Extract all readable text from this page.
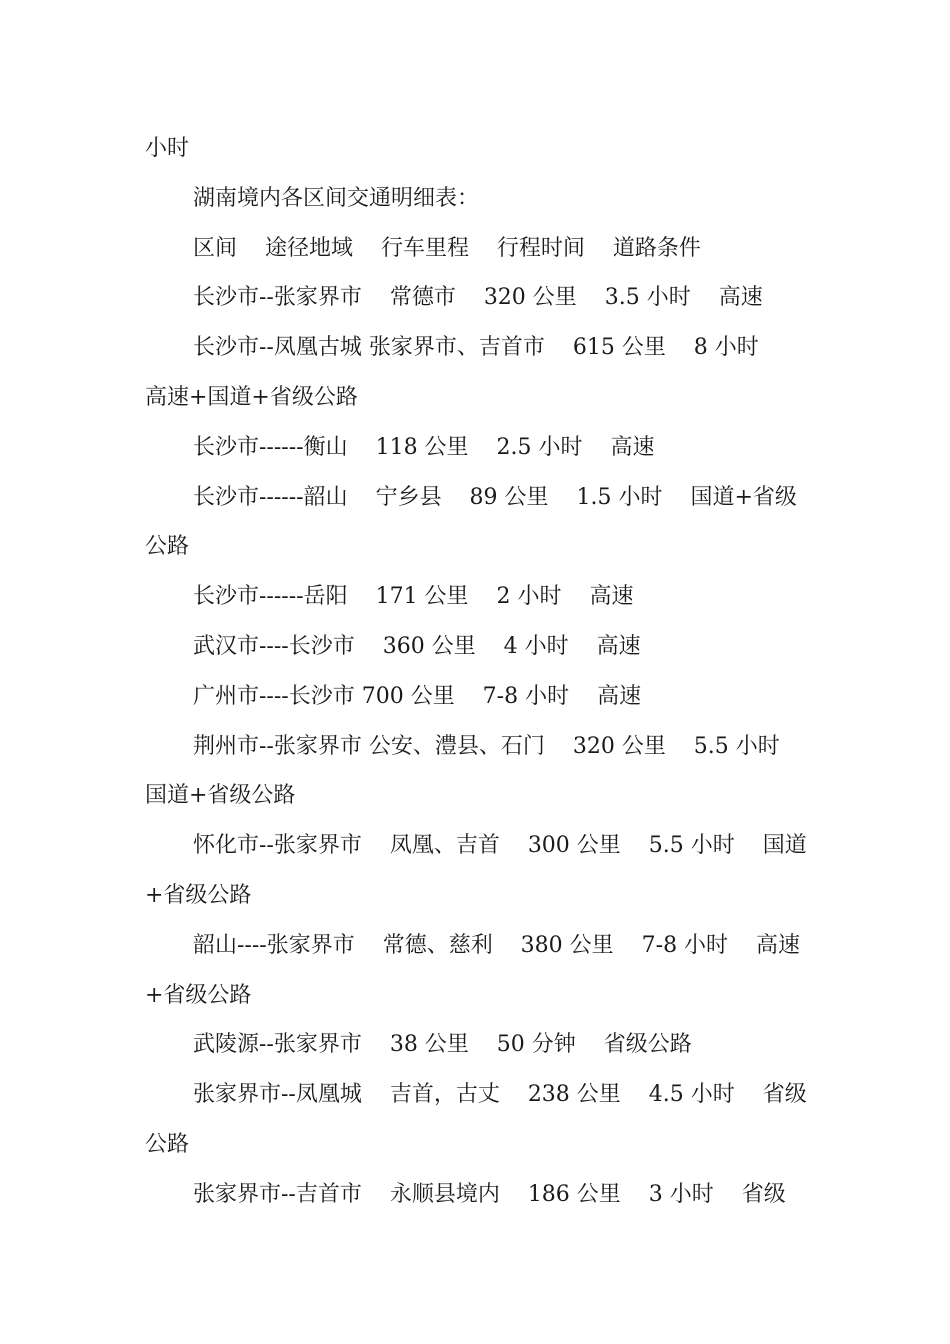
小时
湖南境内各区间交通明细表：
区间    途径地域    行车里程    行程时间    道路条件
长沙市--张家界市    常德市    320 公里    3.5 小时    高速
长沙市--凤凰古城 张家界市、吉首市    615 公里    8 小时
高速+国道+省级公路
长沙市------衡山    118 公里    2.5 小时    高速
长沙市------韶山    宁乡县    89 公里    1.5 小时    国道+省级
公路
长沙市------岳阳    171 公里    2 小时    高速
武汉市----长沙市    360 公里    4 小时    高速
广州市----长沙市 700 公里    7-8 小时    高速
荆州市--张家界市 公安、澧县、石门    320 公里    5.5 小时
国道+省级公路
怀化市--张家界市    凤凰、吉首    300 公里    5.5 小时    国道
+省级公路
韶山----张家界市    常德、慈利    380 公里    7-8 小时    高速
+省级公路
武陵源--张家界市    38 公里    50 分钟    省级公路
张家界市--凤凰城    吉首，古丈    238 公里    4.5 小时    省级
公路
张家界市--吉首市    永顺县境内    186 公里    3 小时    省级
